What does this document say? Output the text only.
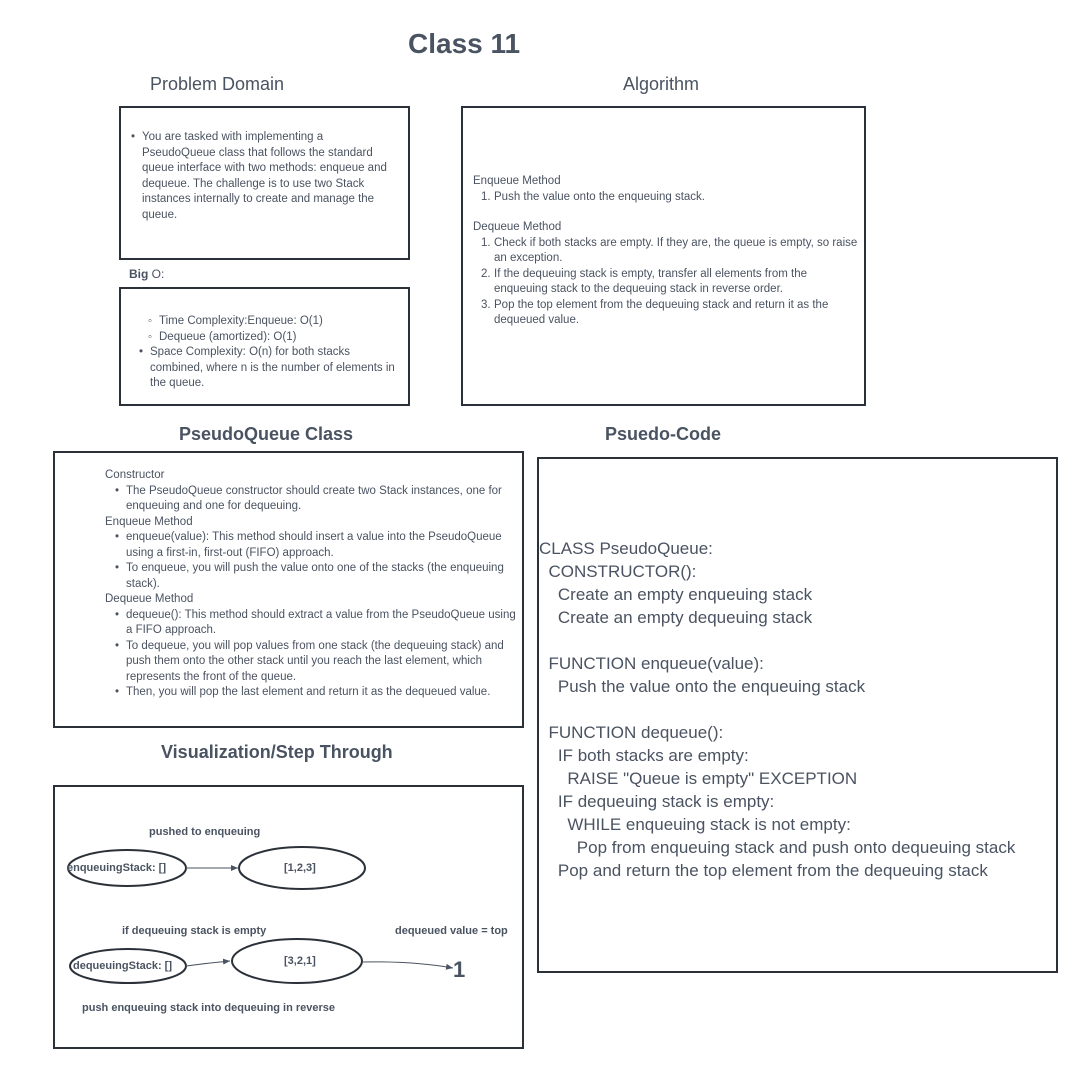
Class 11
Problem Domain
• You are tasked with implementing a PseudoQueue class that follows the standard queue interface with two methods: enqueue and dequeue. The challenge is to use two Stack instances internally to create and manage the queue.
Big O:
◦ Time Complexity:Enqueue: O(1)
◦ Dequeue (amortized): O(1)
• Space Complexity: O(n) for both stacks combined, where n is the number of elements in the queue.
Algorithm
Enqueue Method
1. Push the value onto the enqueuing stack.
Dequeue Method
1. Check if both stacks are empty. If they are, the queue is empty, so raise an exception.
2. If the dequeuing stack is empty, transfer all elements from the enqueuing stack to the dequeuing stack in reverse order.
3. Pop the top element from the dequeuing stack and return it as the dequeued value.
PseudoQueue Class
Constructor
• The PseudoQueue constructor should create two Stack instances, one for enqueuing and one for dequeuing.
Enqueue Method
• enqueue(value): This method should insert a value into the PseudoQueue using a first-in, first-out (FIFO) approach.
• To enqueue, you will push the value onto one of the stacks (the enqueuing stack).
Dequeue Method
• dequeue(): This method should extract a value from the PseudoQueue using a FIFO approach.
• To dequeue, you will pop values from one stack (the dequeuing stack) and push them onto the other stack until you reach the last element, which represents the front of the queue.
• Then, you will pop the last element and return it as the dequeued value.
Psuedo-Code
CLASS PseudoQueue:
CONSTRUCTOR():
Create an empty enqueuing stack
Create an empty dequeuing stack
FUNCTION enqueue(value):
Push the value onto the enqueuing stack
FUNCTION dequeue():
IF both stacks are empty:
RAISE "Queue is empty" EXCEPTION
IF dequeuing stack is empty:
WHILE enqueuing stack is not empty:
Pop from enqueuing stack and push onto dequeuing stack
Pop and return the top element from the dequeuing stack
Visualization/Step Through
pushed to enqueuing
enqueuingStack: []	[1,2,3]
if dequeuing stack is empty	dequeued value = top
dequeuingStack: []	[3,2,1]	1
push enqueuing stack into dequeuing in reverse
